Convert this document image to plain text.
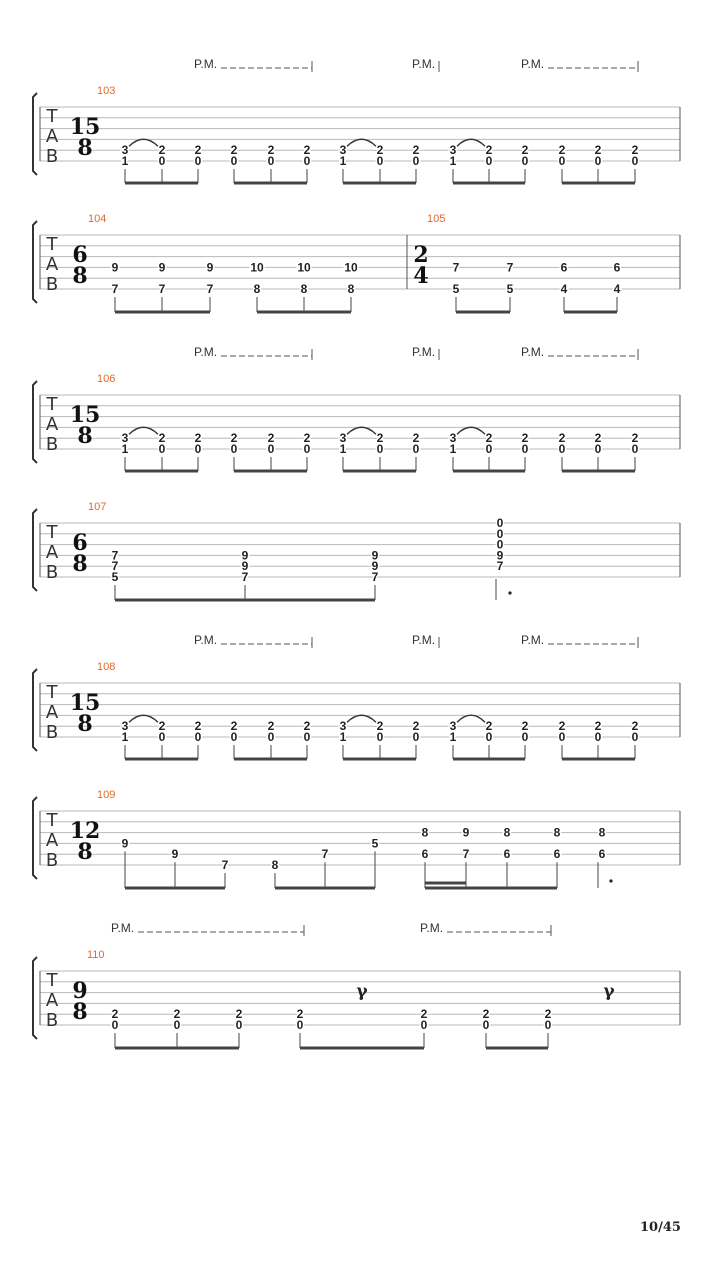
T
A
B
103
15
8
P.M.	P.M.	P.M.
3
1
2
0
2
0
2
0
2
0
2
0
3
1
2
0
2
0
3
1
2
0
2
0
2
0
2
0
2
0
T
A
B
104	105
6
8
2
4
9
7
9
7
9
7
10
8
10
8
10
8
7
5
7
5
6
4
6
4
T
A
B
106
15
8
P.M.	P.M.	P.M.
3
1
2
0
2
0
2
0
2
0
2
0
3
1
2
0
2
0
3
1
2
0
2
0
2
0
2
0
2
0
T
A
B
107
6
8 7
7
5
9
9
7
9
9
7
0
0
0
9
7
T
A
B
108
15
8
P.M.	P.M.	P.M.
3
1
2
0
2
0
2
0
2
0
2
0
3
1
2
0
2
0
3
1
2
0
2
0
2
0
2
0
2
0
T
A
B
109
12
8 9
9
7	8
7
5
8
6
9
7
8
6
8
6
8
6
T
A
B
110
9
8
P.M.	P.M.
2
0
2
0
2
0
2
0
2
0
2
0
2
0
γ	γ
10/45
